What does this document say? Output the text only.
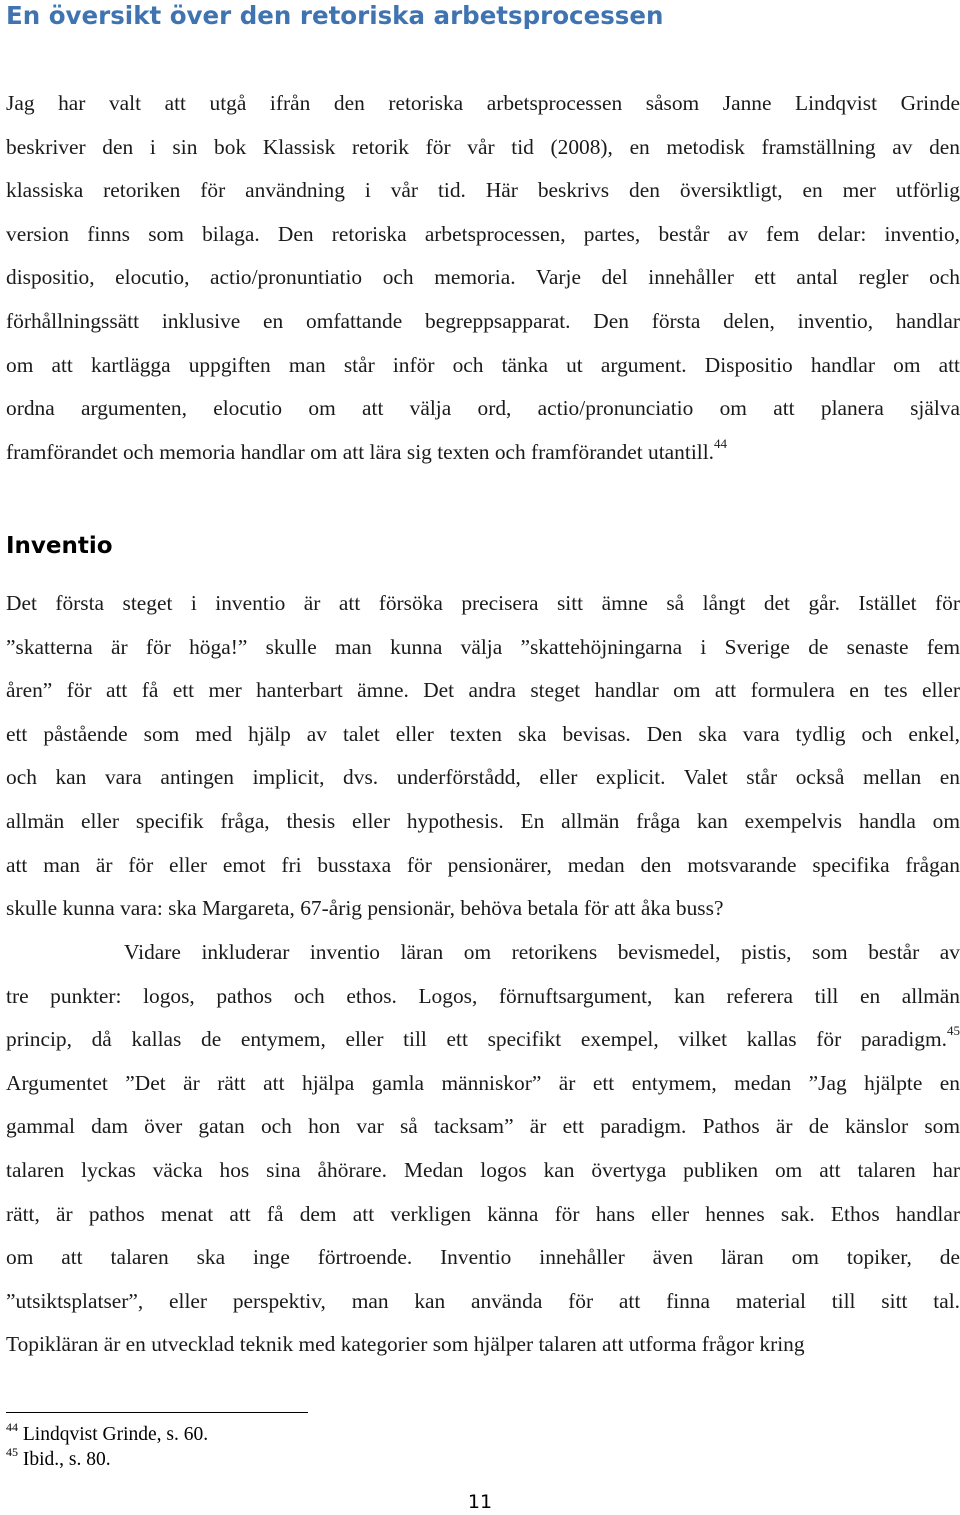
En översikt över den retoriska arbetsprocessen
Jag har valt att utgå ifrån den retoriska arbetsprocessen såsom Janne Lindqvist Grinde
beskriver den i sin bok Klassisk retorik för vår tid (2008), en metodisk framställning av den
klassiska retoriken för användning i vår tid. Här beskrivs den översiktligt, en mer utförlig
version finns som bilaga. Den retoriska arbetsprocessen, partes, består av fem delar: inventio,
dispositio, elocutio, actio/pronuntiatio och memoria. Varje del innehåller ett antal regler och
förhållningssätt inklusive en omfattande begreppsapparat. Den första delen, inventio, handlar
om att kartlägga uppgiften man står inför och tänka ut argument. Dispositio handlar om att
ordna argumenten, elocutio om att välja ord, actio/pronunciatio om att planera själva
framförandet och memoria handlar om att lära sig texten och framförandet utantill.$^{44}$
Inventio
Det första steget i inventio är att försöka precisera sitt ämne så långt det går. Istället för
”skatterna är för höga!” skulle man kunna välja ”skattehöjningarna i Sverige de senaste fem
åren” för att få ett mer hanterbart ämne. Det andra steget handlar om att formulera en tes eller
ett påstående som med hjälp av talet eller texten ska bevisas. Den ska vara tydlig och enkel,
och kan vara antingen implicit, dvs. underförstådd, eller explicit. Valet står också mellan en
allmän eller specifik fråga, thesis eller hypothesis. En allmän fråga kan exempelvis handla om
att man är för eller emot fri busstaxa för pensionärer, medan den motsvarande specifika frågan
skulle kunna vara: ska Margareta, 67-årig pensionär, behöva betala för att åka buss?
Vidare inkluderar inventio läran om retorikens bevismedel, pistis, som består av
tre punkter: logos, pathos och ethos. Logos, förnuftsargument, kan referera till en allmän
princip, då kallas de entymem, eller till ett specifikt exempel, vilket kallas för paradigm.$^{45}$
Argumentet ”Det är rätt att hjälpa gamla människor” är ett entymem, medan ”Jag hjälpte en
gammal dam över gatan och hon var så tacksam” är ett paradigm. Pathos är de känslor som
talaren lyckas väcka hos sina åhörare. Medan logos kan övertyga publiken om att talaren har
rätt, är pathos menat att få dem att verkligen känna för hans eller hennes sak. Ethos handlar
om att talaren ska inge förtroende. Inventio innehåller även läran om topiker, de
”utsiktsplatser”, eller perspektiv, man kan använda för att finna material till sitt tal.
Topikläran är en utvecklad teknik med kategorier som hjälper talaren att utforma frågor kring
$^{44}$ Lindqvist Grinde, s. 60.
$^{45}$ Ibid., s. 80.
11
